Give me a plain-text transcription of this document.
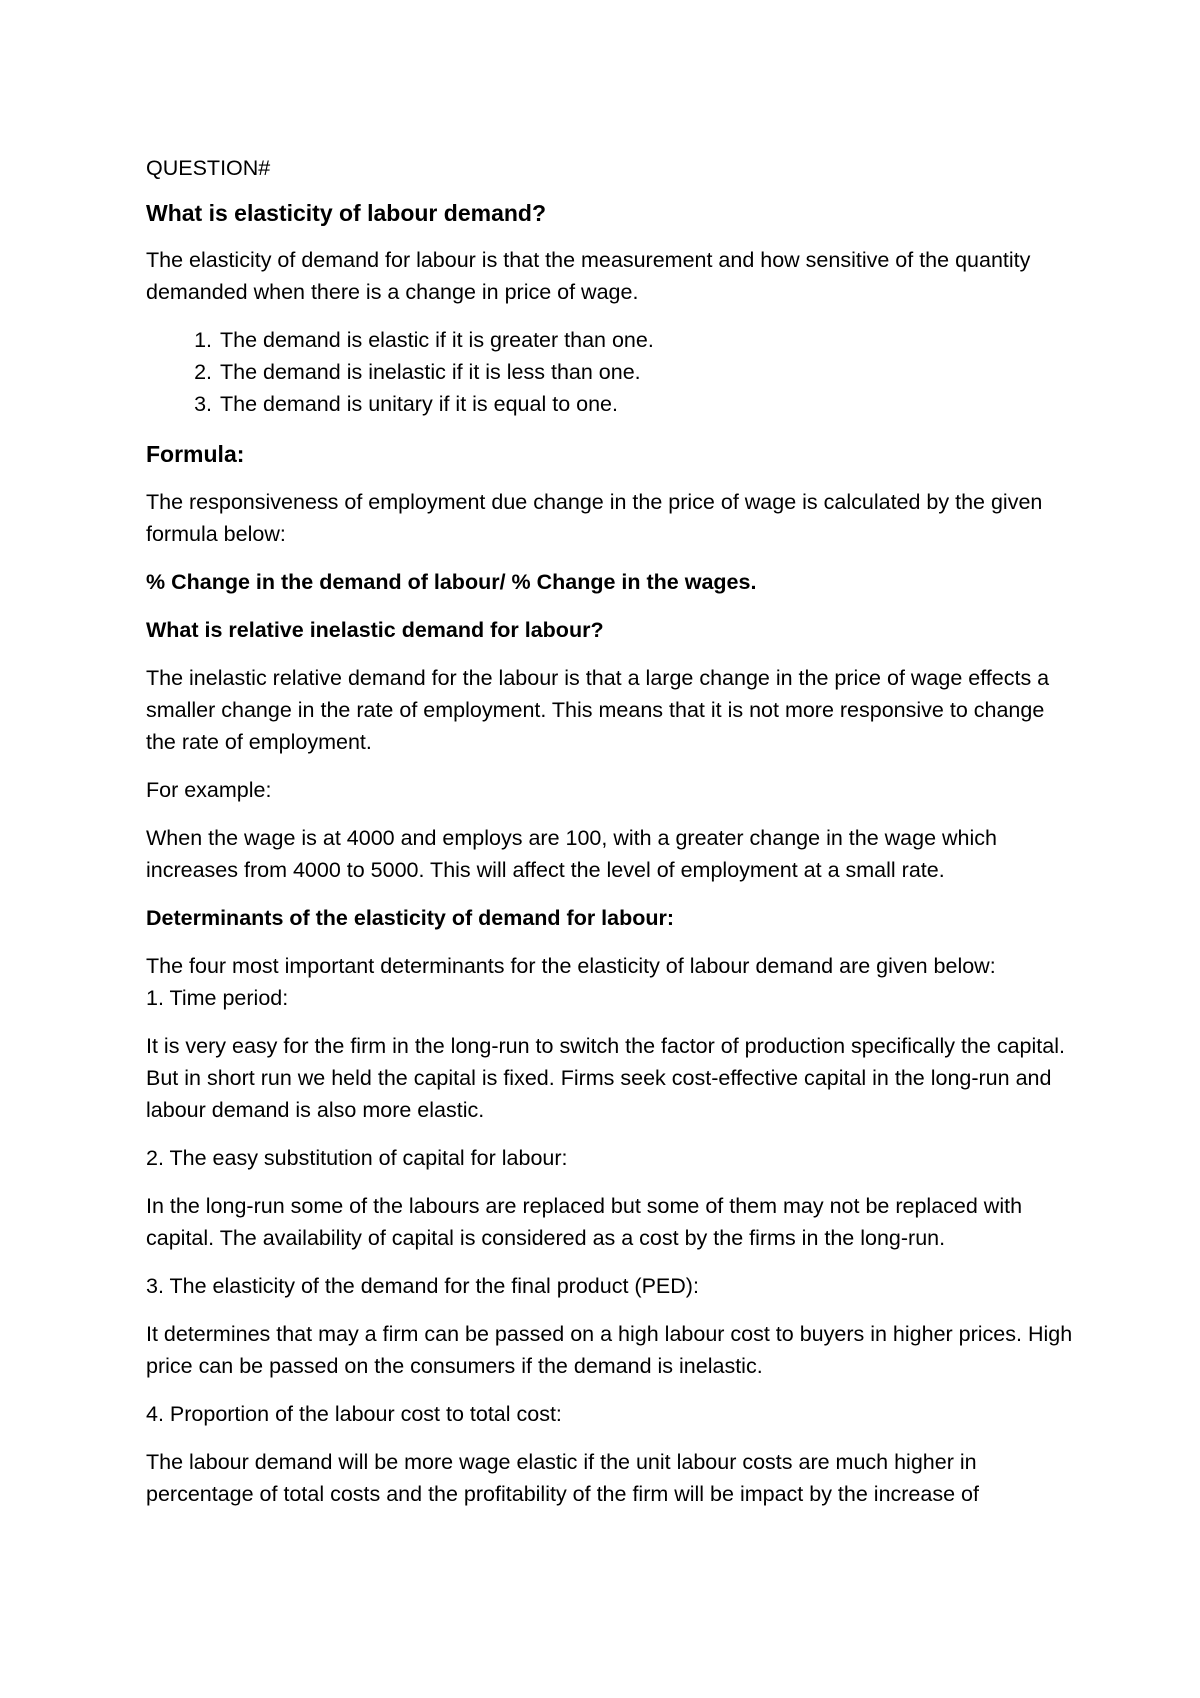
QUESTION#

What is elasticity of labour demand?

The elasticity of demand for labour is that the measurement and how sensitive of the quantity demanded when there is a change in price of wage.

1. The demand is elastic if it is greater than one.
2. The demand is inelastic if it is less than one.
3. The demand is unitary if it is equal to one.
Formula:

The responsiveness of employment due change in the price of wage is calculated by the given formula below:

% Change in the demand of labour/ % Change in the wages.

What is relative inelastic demand for labour?

The inelastic relative demand for the labour is that a large change in the price of wage effects a smaller change in the rate of employment. This means that it is not more responsive to change the rate of employment.

For example:

When the wage is at 4000 and employs are 100, with a greater change in the wage which increases from 4000 to 5000. This will affect the level of employment at a small rate.

Determinants of the elasticity of demand for labour:

The four most important determinants for the elasticity of labour demand are given below:

1. Time period:

It is very easy for the firm in the long-run to switch the factor of production specifically the capital. But in short run we held the capital is fixed. Firms seek cost-effective capital in the long-run and labour demand is also more elastic.

2. The easy substitution of capital for labour:

In the long-run some of the labours are replaced but some of them may not be replaced with capital. The availability of capital is considered as a cost by the firms in the long-run.

3. The elasticity of the demand for the final product (PED):

It determines that may a firm can be passed on a high labour cost to buyers in higher prices. High price can be passed on the consumers if the demand is inelastic.

4. Proportion of the labour cost to total cost:

The labour demand will be more wage elastic if the unit labour costs are much higher in percentage of total costs and the profitability of the firm will be impact by the increase of
